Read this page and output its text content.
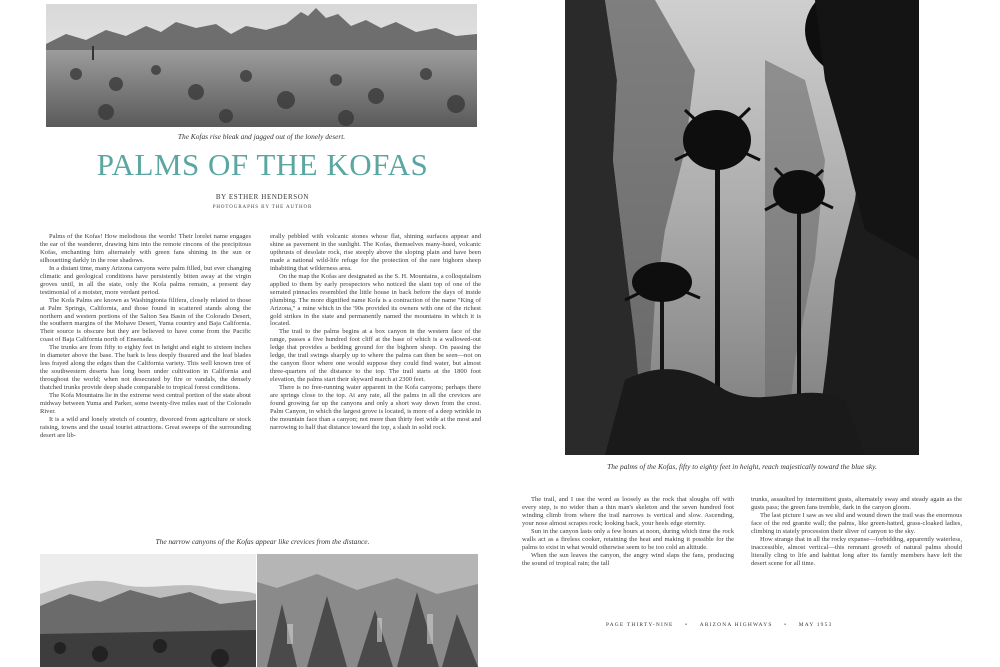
The Kofas rise bleak and jagged out of the lonely desert.
PALMS OF THE KOFAS
BY ESTHER HENDERSON
PHOTOGRAPHS BY THE AUTHOR

Palms of the Kofas! How melodious the words! Their lorelei name engages the ear of the wanderer, drawing him into the remote rincons of the precipitous Kofas, enchanting him alternately with green fans shining in the sun or silhouetting darkly in the rose shadows.

In a distant time, many Arizona canyons were palm filled, but ever changing climatic and geological conditions have persistently bitten away at the virgin groves until, in all the state, only the Kofa palms remain, a present day testimonial of a moister, more verdant period.

The Kofa Palms are known as Washingtonia filifera, closely related to those at Palm Springs, California, and those found in scattered stands along the northern and western portions of the Salton Sea Basin of the Colorado Desert, the southern margins of the Mohave Desert, Yuma country and Baja California. Their source is obscure but they are believed to have come from the Pacific coast of Baja California north of Ensenada.

The trunks are from fifty to eighty feet in height and eight to sixteen inches in diameter above the base. The bark is less deeply fissured and the leaf blades less frayed along the edges than the California variety. This well known tree of the southwestern deserts has long been under cultivation in California and throughout the world; when not desecrated by fire or vandals, the densely thatched trunks provide deep shade comparable to tropical forest conditions.

The Kofa Mountains lie in the extreme west central portion of the state about midway between Yuma and Parker, some twenty-five miles east of the Colorado River.

It is a wild and lonely stretch of country, divorced from agriculture or stock raising, towns and the usual tourist attractions. Great sweeps of the surrounding desert are lib-

erally pebbled with volcanic stones whose flat, shining surfaces appear and shine as pavement in the sunlight. The Kofas, themselves many-hued, volcanic upthrusts of desolate rock, rise steeply above the sloping plain and have been made a national wild-life refuge for the protection of the rare bighorn sheep inhabiting that wilderness area.

On the map the Kofas are designated as the S. H. Mountains, a colloquialism applied to them by early prospectors who noticed the slant top of one of the serrated pinnacles resembled the little house in back before the days of inside plumbing. The more dignified name Kofa is a contraction of the name "King of Arizona," a mine which in the '90s provided its owners with one of the richest gold strikes in the state and permanently named the mountains in which it is located.

The trail to the palms begins at a box canyon in the western face of the range, passes a five hundred foot cliff at the base of which is a wallowed-out ledge that provides a bedding ground for the bighorn sheep. On passing the ledge, the trail swings sharply up to where the palms can then be seen—not on the canyon floor where one would suppose they could find water, but almost three-quarters of the distance to the top. The trail starts at the 1800 foot elevation, the palms start their skyward march at 2300 feet.

There is no free-running water apparent in the Kofa canyons; perhaps there are springs close to the top. At any rate, all the palms in all the crevices are found growing far up the canyons and only a short way down from the crest. Palm Canyon, in which the largest grove is located, is more of a deep wrinkle in the mountain face than a canyon; not more than thirty feet wide at the most and narrowing to half that distance toward the top, a slash in solid rock.

The narrow canyons of the Kofas appear like crevices from the distance.
The palms of the Kofas, fifty to eighty feet in height, reach majestically toward the blue sky.

The trail, and I use the word as loosely as the rock that sloughs off with every step, is no wider than a thin man's skeleton and the seven hundred foot winding climb from where the trail narrows is vertical and slow. Ascending, your nose almost scrapes rock; looking back, your heels edge eternity.

Sun in the canyon lasts only a few hours at noon, during which time the rock walls act as a fireless cooker, retaining the heat and making it possible for the palms to exist in what would otherwise seem to be too cold an altitude.

When the sun leaves the canyon, the angry wind slaps the fans, producing the sound of tropical rain; the tall

trunks, assaulted by intermittent gusts, alternately sway and steady again as the gusts pass; the green fans tremble, dark in the canyon gloom.

The last picture I saw as we slid and wound down the trail was the enormous face of the red granite wall; the palms, like green-hatted, grass-cloaked ladies, climbing in stately procession their sliver of canyon to the sky.

How strange that in all the rocky expanse—forbidding, apparently waterless, inaccessible, almost vertical—this remnant growth of natural palms should literally cling to life and habitat long after its family members have left the desert scene for all time.

PAGE THIRTY-NINE • ARIZONA HIGHWAYS • MAY 1953
